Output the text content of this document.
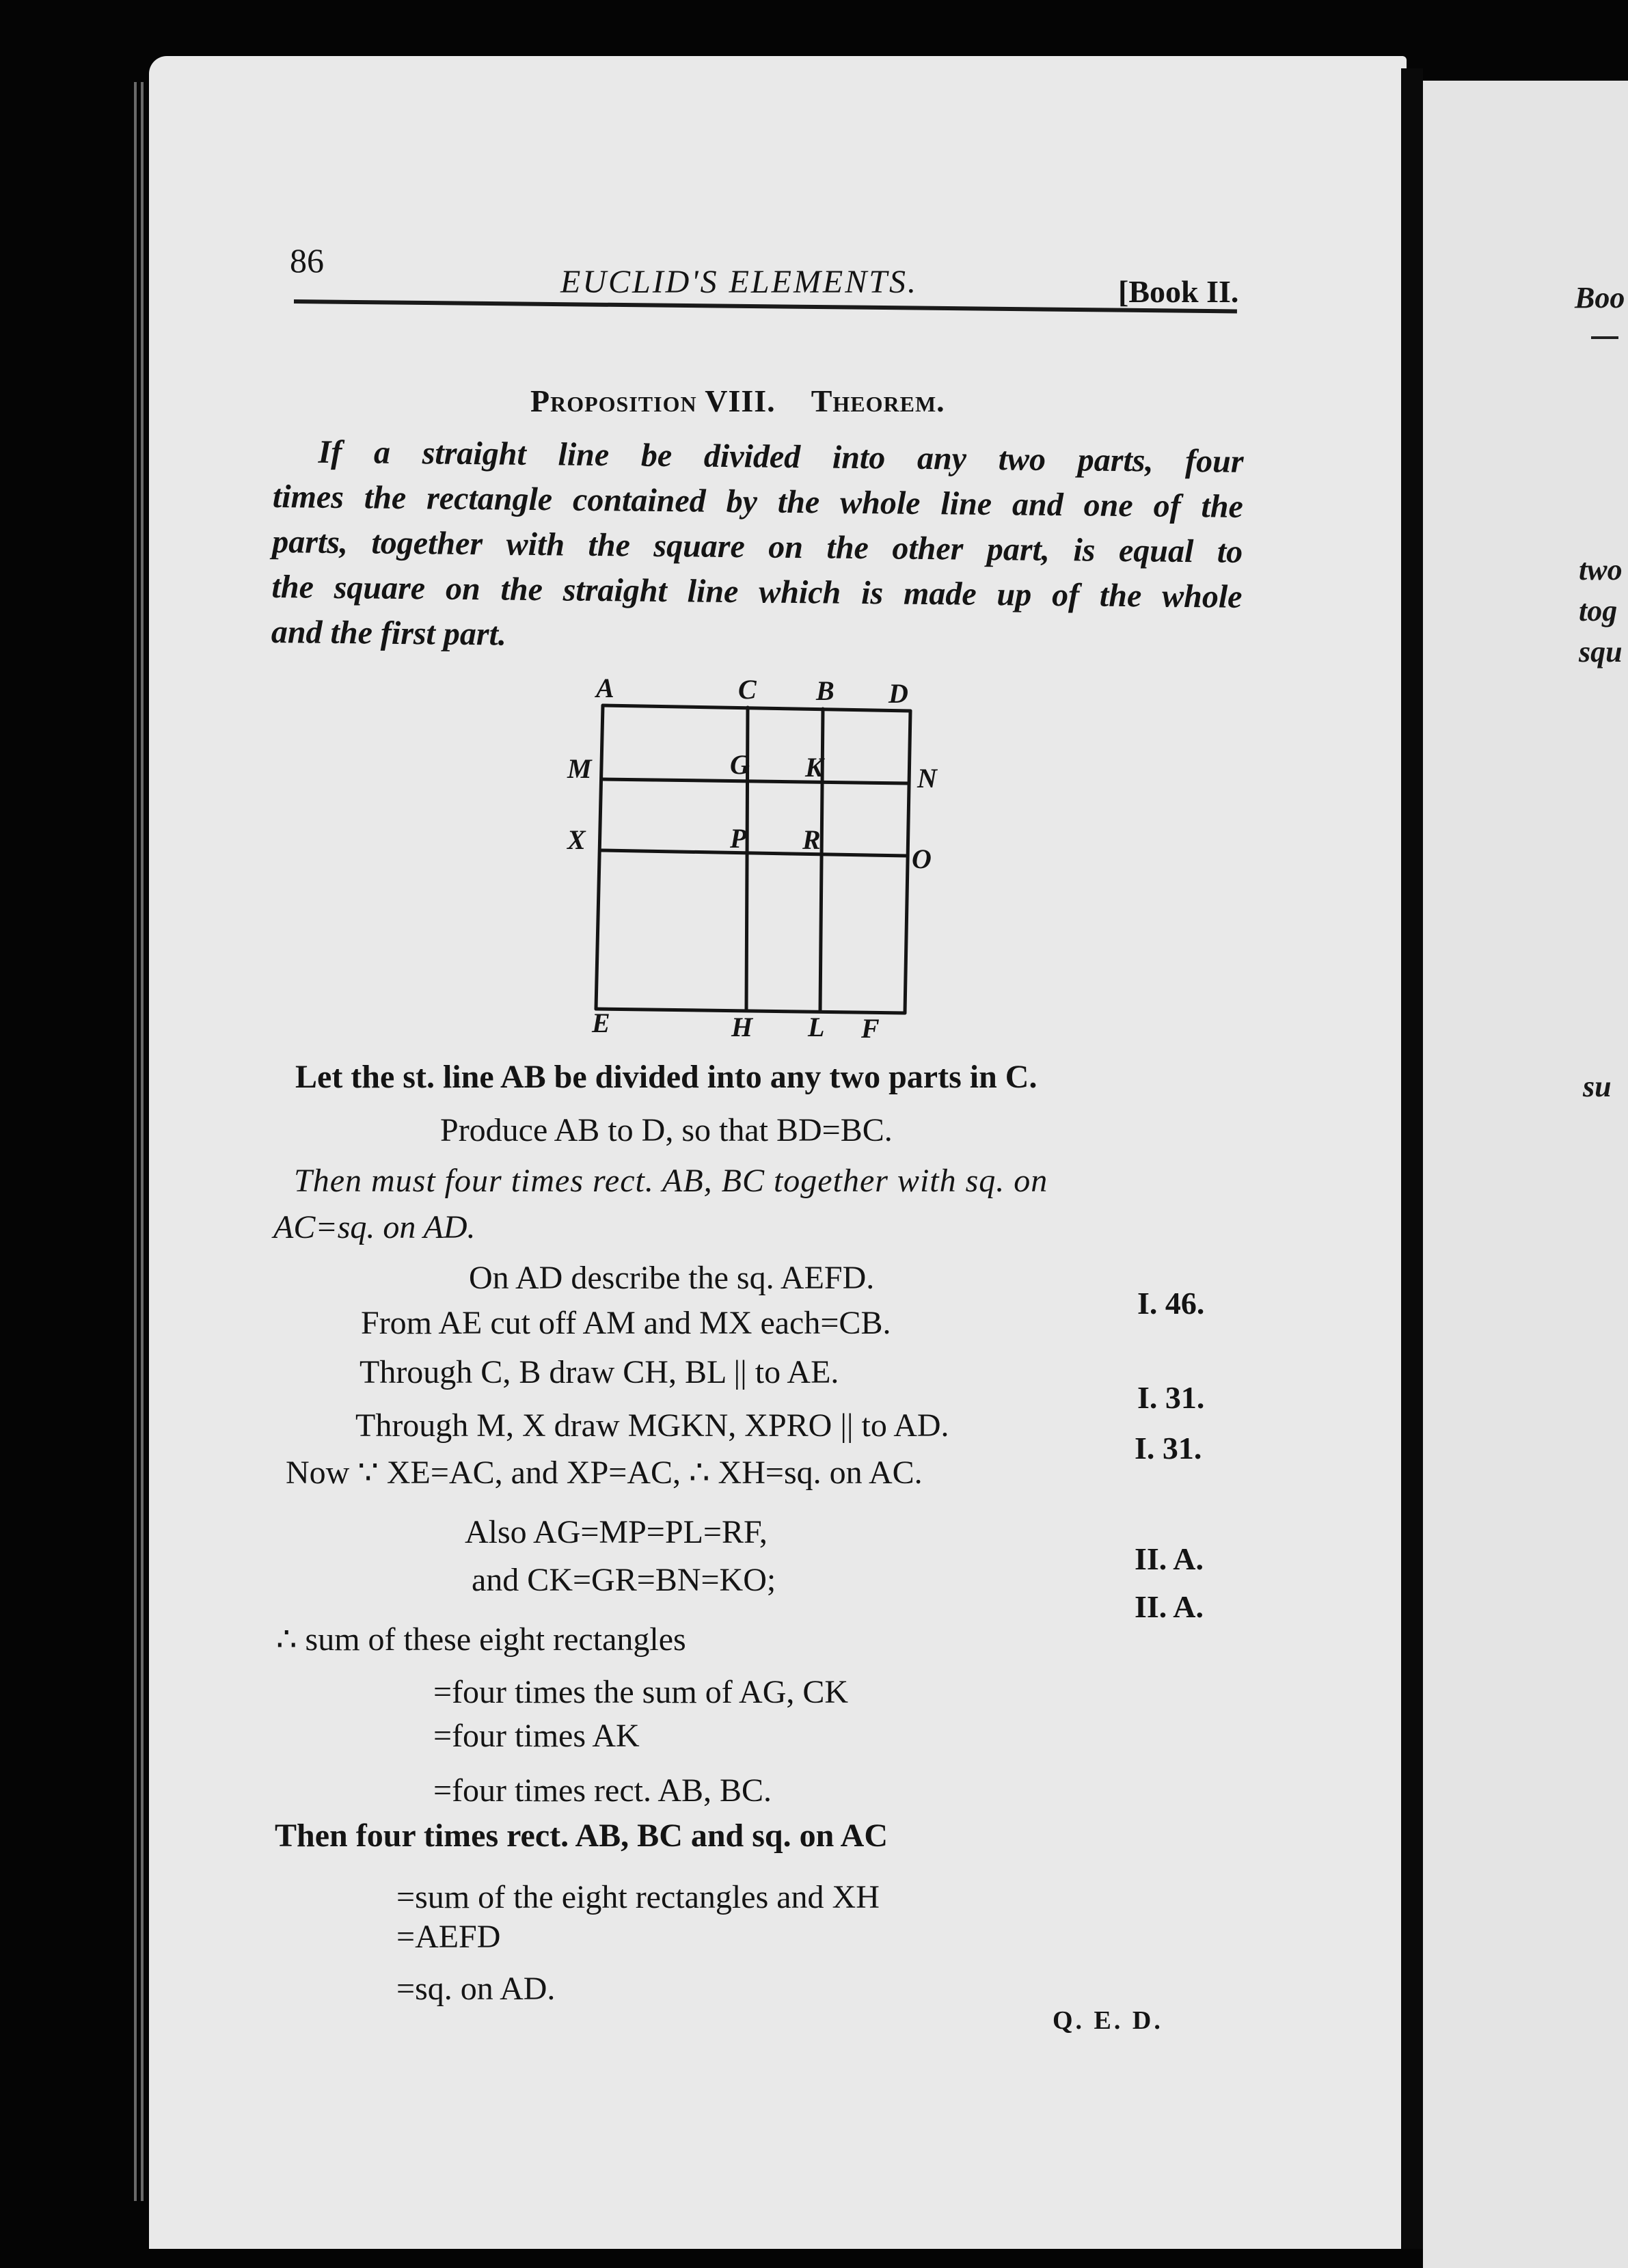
86
EUCLID'S ELEMENTS.	[Book II.
Proposition VIII. Theorem.
If a straight line be divided into any two parts, four
times the rectangle contained by the whole line and one of the
parts, together with the square on the other part, is equal to
the square on the straight line which is made up of the whole
and the first part.
A	C B D
M	G K	N
X	P R
O
E	H L F
Let the st. line AB be divided into any two parts in C.
Produce AB to D, so that BD=BC.
Then must four times rect. AB, BC together with sq. on
AC=sq. on AD.
On AD describe the sq. AEFD.
I. 46.
From AE cut off AM and MX each=CB.
Through C, B draw CH, BL || to AE.
I. 31.
Through M, X draw MGKN, XPRO || to AD.
I. 31.
Now ∵ XE=AC, and XP=AC, ∴ XH=sq. on AC.
Also AG=MP=PL=RF,
II. A.
and CK=GR=BN=KO;
II. A.
∴ sum of these eight rectangles
=four times the sum of AG, CK
=four times AK
=four times rect. AB, BC.
Then four times rect. AB, BC and sq. on AC
=sum of the eight rectangles and XH
=AEFD
=sq. on AD.
Q. E. D.
Boo
two
tog
squ
su
